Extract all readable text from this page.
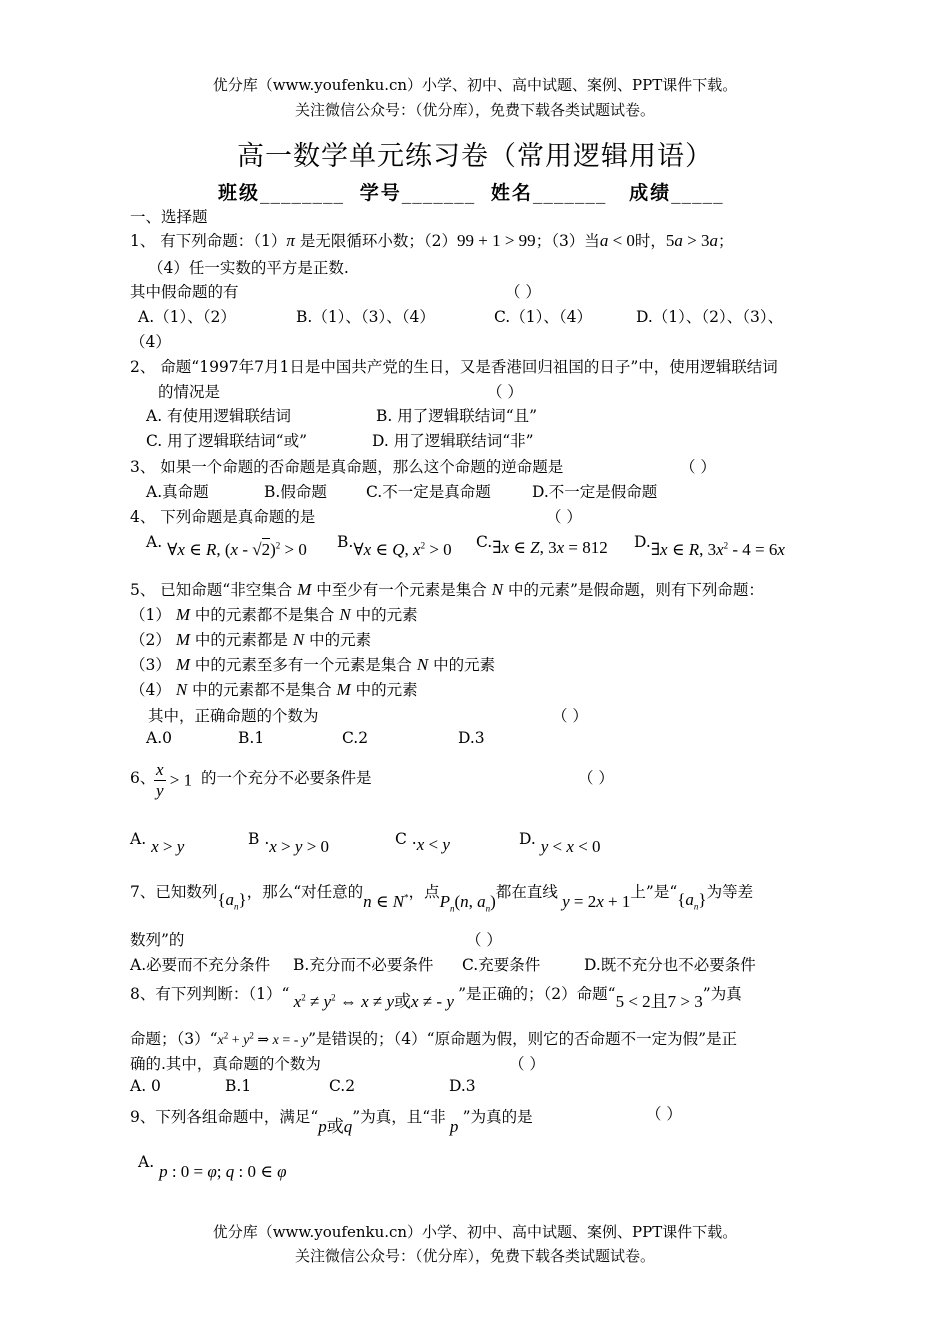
优分库（www.youfenku.cn）小学、初中、高中试题、案例、PPT课件下载。
关注微信公众号：（优分库），免费下载各类试题试卷。
高一数学单元练习卷（常用逻辑用语）
班级________  学号_______  姓名_______   成绩_____
一、选择题
1、 有下列命题：（1）π 是无限循环小数；（2）99 + 1 > 99；（3）当a < 0时，5a > 3a；
（4）任一实数的平方是正数.
其中假命题的有	（ ）
A.（1）、（2）	B.（1）、（3）、（4）	C.（1）、（4）	D.（1）、（2）、（3）、
（4）
2、 命题“1997年7月1日是中国共产党的生日，又是香港回归祖国的日子”中，使用逻辑联结词
的情况是	（ ）
A. 有使用逻辑联结词	B. 用了逻辑联结词“且”
C. 用了逻辑联结词“或”	D. 用了逻辑联结词“非”
3、 如果一个命题的否命题是真命题，那么这个命题的逆命题是	（ ）
A.真命题	B.假命题	C.不一定是真命题	D.不一定是假命题
4、 下列命题是真命题的是	（ ）
A. ∀x ∈ R, (x - √2)$^2$ > 0 B.∀x ∈ Q, $x^2 > 0$ C.∃x ∈ Z, 3x = 812 D.∃x ∈ R, $3x^2 - 4 = 6x$
5、 已知命题“非空集合 M 中至少有一个元素是集合 N 中的元素”是假命题，则有下列命题：
（1） M 中的元素都不是集合 N 中的元素
（2） M 中的元素都是 N 中的元素
（3） M 中的元素至多有一个元素是集合 N 中的元素
（4） N 中的元素都不是集合 M 中的元素
其中，正确命题的个数为	（ ）
A.0	B.1	C.2	D.3
6、
$\frac{x}{y} > 1$ 的一个充分不必要条件是	（ ）
A. x > y	B .x > y > 0	C .x < y	D. y < x < 0
7、已知数列$\{a_n\}$，那么“对任意的n ∈ N*，点$P_n(n$, $a_n$)都在直线 y = 2x + 1上”是“$\{a_n\}$为等差
数列”的	（ ）
A.必要而不充分条件 B.充分而不必要条件 C.充要条件	D.既不充分也不必要条件
8、有下列判断：（1）“ $x^2 \ne y^2$ ⇔ x ≠ y或x ≠ - y ”是正确的；（2）命题“5 < 2且7 > 3”为真
命题；$(3)“x^2 + y^2$ ⇒ x = - y”是错误的；（4）“原命题为假，则它的否命题不一定为假”是正
确的.其中，真命题的个数为	（ ）
A. 0	B.1	C.2	D.3
9、下列各组命题中，满足“p或q”为真，且“非 p ”为真的是	（ ）
A. p : 0 = φ; q : 0 ∈ φ
优分库（www.youfenku.cn）小学、初中、高中试题、案例、PPT课件下载。
关注微信公众号：（优分库），免费下载各类试题试卷。
